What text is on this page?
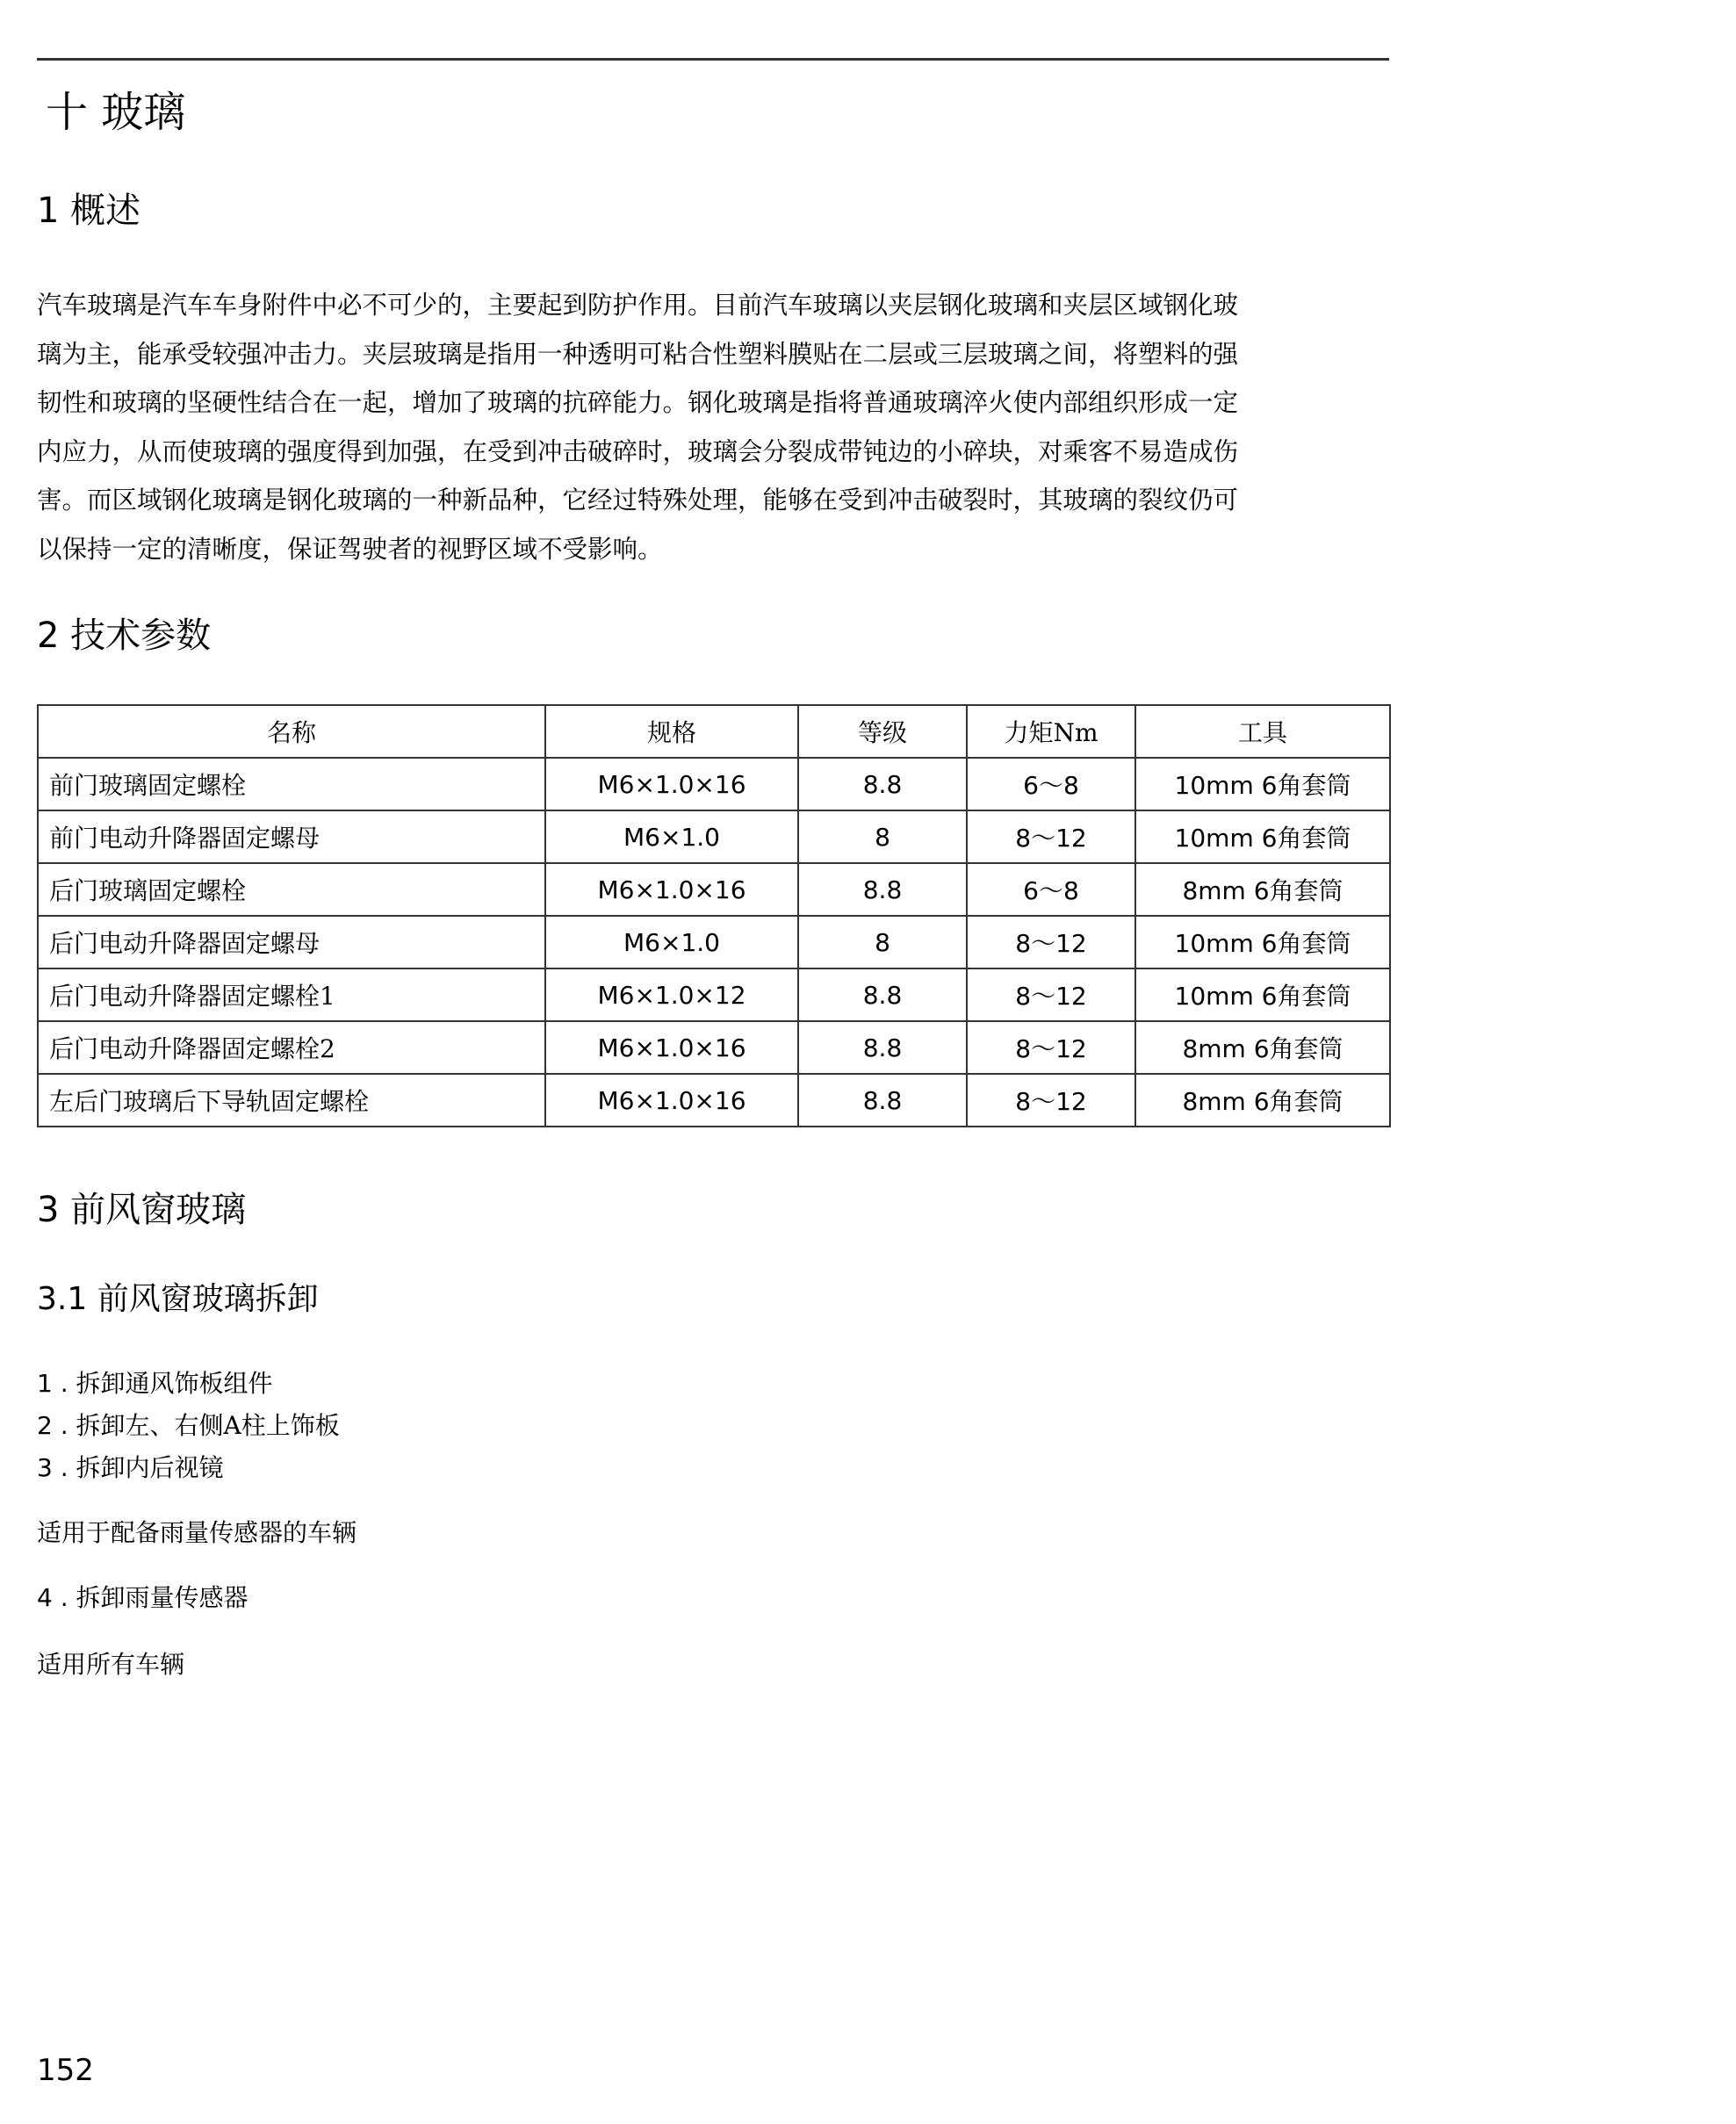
十 玻璃
1 概述
汽车玻璃是汽车车身附件中必不可少的，主要起到防护作用。目前汽车玻璃以夹层钢化玻璃和夹层区域钢化玻
璃为主，能承受较强冲击力。夹层玻璃是指用一种透明可粘合性塑料膜贴在二层或三层玻璃之间，将塑料的强
韧性和玻璃的坚硬性结合在一起，增加了玻璃的抗碎能力。钢化玻璃是指将普通玻璃淬火使内部组织形成一定
内应力，从而使玻璃的强度得到加强，在受到冲击破碎时，玻璃会分裂成带钝边的小碎块，对乘客不易造成伤
害。而区域钢化玻璃是钢化玻璃的一种新品种，它经过特殊处理，能够在受到冲击破裂时，其玻璃的裂纹仍可
以保持一定的清晰度，保证驾驶者的视野区域不受影响。
2 技术参数
名称	规格	等级	力矩Nm	工具
前门玻璃固定螺栓	M6×1.0×16	8.8	6～8	10mm 6角套筒
前门电动升降器固定螺母	M6×1.0	8	8～12	10mm 6角套筒
后门玻璃固定螺栓	M6×1.0×16	8.8	6～8	8mm 6角套筒
后门电动升降器固定螺母	M6×1.0	8	8～12	10mm 6角套筒
后门电动升降器固定螺栓1	M6×1.0×12	8.8	8～12	10mm 6角套筒
后门电动升降器固定螺栓2	M6×1.0×16	8.8	8～12	8mm 6角套筒
左后门玻璃后下导轨固定螺栓	M6×1.0×16	8.8	8～12	8mm 6角套筒
3 前风窗玻璃
3.1 前风窗玻璃拆卸

1 . 拆卸通风饰板组件

2 . 拆卸左、右侧A柱上饰板

3 . 拆卸内后视镜

适用于配备雨量传感器的车辆

4 . 拆卸雨量传感器

适用所有车辆

152
